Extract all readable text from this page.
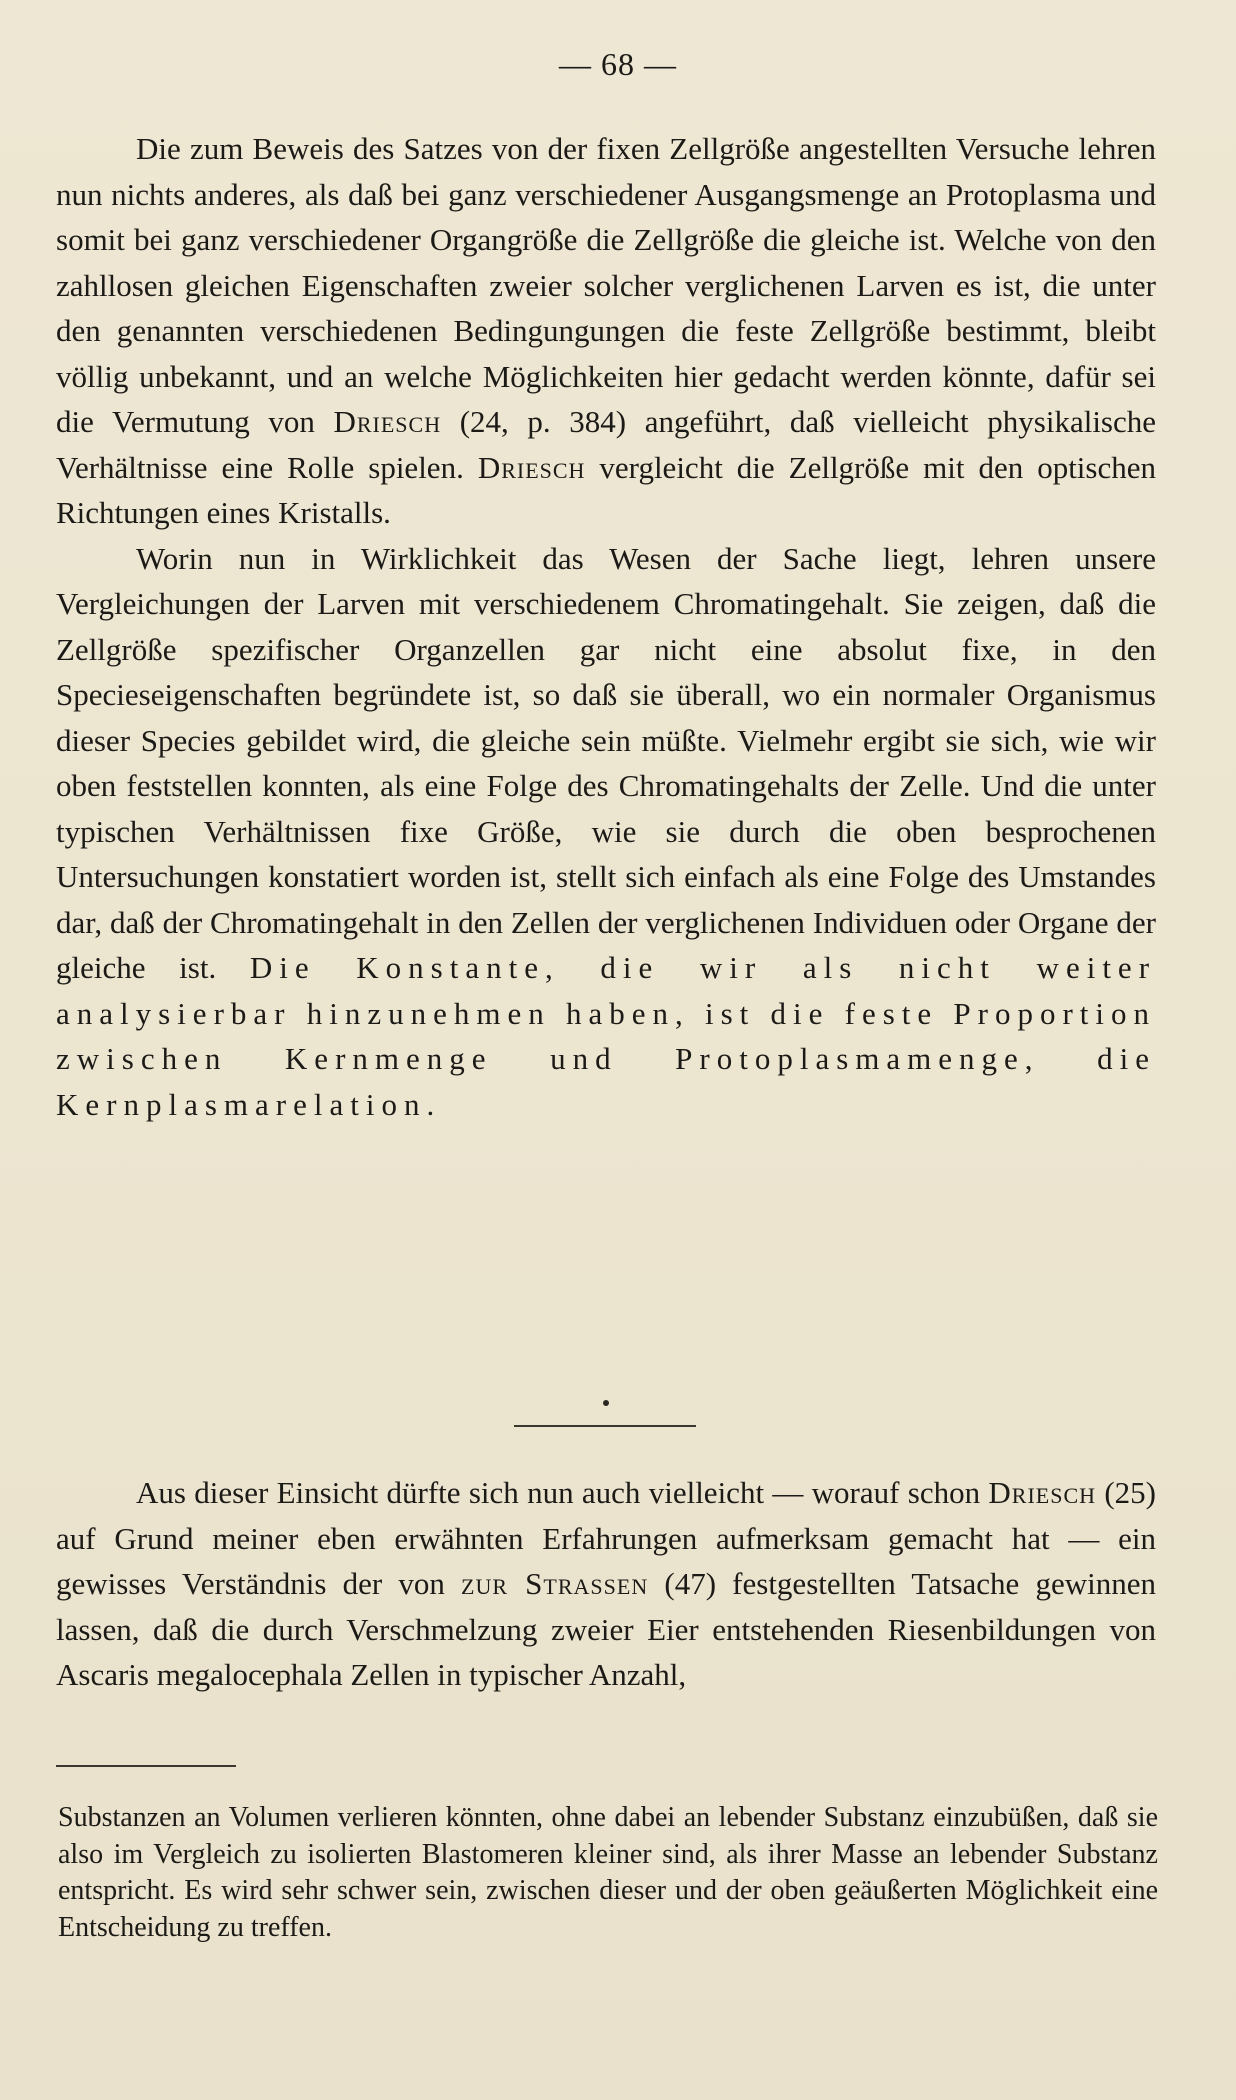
— 68 —

Die zum Beweis des Satzes von der fixen Zellgröße angestellten Versuche lehren nun nichts anderes, als daß bei ganz verschiedener Ausgangsmenge an Protoplasma und somit bei ganz verschiedener Organgröße die Zellgröße die gleiche ist. Welche von den zahllosen gleichen Eigenschaften zweier solcher verglichenen Larven es ist, die unter den genannten verschiedenen Bedingungungen die feste Zellgröße bestimmt, bleibt völlig unbekannt, und an welche Möglichkeiten hier gedacht werden könnte, dafür sei die Vermutung von Driesch (24, p. 384) angeführt, daß vielleicht physikalische Verhältnisse eine Rolle spielen. Driesch vergleicht die Zellgröße mit den optischen Richtungen eines Kristalls.

Worin nun in Wirklichkeit das Wesen der Sache liegt, lehren unsere Vergleichungen der Larven mit verschiedenem Chromatingehalt. Sie zeigen, daß die Zellgröße spezifischer Organzellen gar nicht eine absolut fixe, in den Specieseigenschaften begründete ist, so daß sie überall, wo ein normaler Organismus dieser Species gebildet wird, die gleiche sein müßte. Vielmehr ergibt sie sich, wie wir oben feststellen konnten, als eine Folge des Chromatingehalts der Zelle. Und die unter typischen Verhältnissen fixe Größe, wie sie durch die oben besprochenen Untersuchungen konstatiert worden ist, stellt sich einfach als eine Folge des Umstandes dar, daß der Chromatingehalt in den Zellen der verglichenen Individuen oder Organe der gleiche ist. Die Konstante, die wir als nicht weiter analysierbar hinzunehmen haben, ist die feste Proportion zwischen Kernmenge und Protoplasmamenge, die Kernplasmarelation.

Aus dieser Einsicht dürfte sich nun auch vielleicht — worauf schon Driesch (25) auf Grund meiner eben erwähnten Erfahrungen aufmerksam gemacht hat — ein gewisses Verständnis der von zur Strassen (47) festgestellten Tatsache gewinnen lassen, daß die durch Verschmelzung zweier Eier entstehenden Riesenbildungen von Ascaris megalocephala Zellen in typischer Anzahl,

Substanzen an Volumen verlieren könnten, ohne dabei an lebender Substanz einzubüßen, daß sie also im Vergleich zu isolierten Blastomeren kleiner sind, als ihrer Masse an lebender Substanz entspricht. Es wird sehr schwer sein, zwischen dieser und der oben geäußerten Möglichkeit eine Entscheidung zu treffen.
